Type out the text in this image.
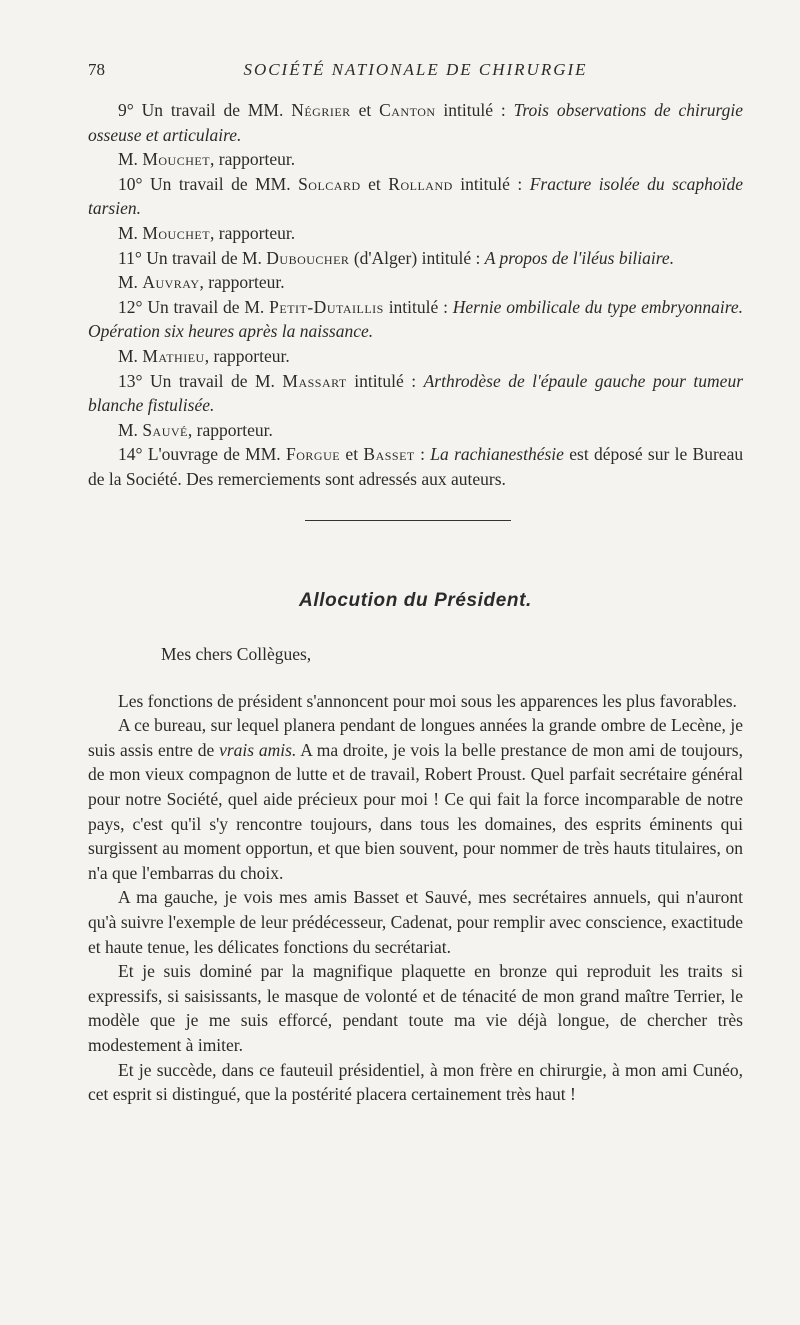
78	SOCIÉTÉ NATIONALE DE CHIRURGIE

9° Un travail de MM. Négrier et Canton intitulé : Trois observations de chirurgie osseuse et articulaire.

M. Mouchet, rapporteur.

10° Un travail de MM. Solcard et Rolland intitulé : Fracture isolée du scaphoïde tarsien.

M. Mouchet, rapporteur.

11° Un travail de M. Duboucher (d'Alger) intitulé : A propos de l'iléus biliaire.

M. Auvray, rapporteur.

12° Un travail de M. Petit-Dutaillis intitulé : Hernie ombilicale du type embryonnaire. Opération six heures après la naissance.

M. Mathieu, rapporteur.

13° Un travail de M. Massart intitulé : Arthrodèse de l'épaule gauche pour tumeur blanche fistulisée.

M. Sauvé, rapporteur.

14° L'ouvrage de MM. Forgue et Basset : La rachianesthésie est déposé sur le Bureau de la Société. Des remerciements sont adressés aux auteurs.

Allocution du Président.
Mes chers Collègues,

Les fonctions de président s'annoncent pour moi sous les apparences les plus favorables.

A ce bureau, sur lequel planera pendant de longues années la grande ombre de Lecène, je suis assis entre de vrais amis. A ma droite, je vois la belle prestance de mon ami de toujours, de mon vieux compagnon de lutte et de travail, Robert Proust. Quel parfait secrétaire général pour notre Société, quel aide précieux pour moi ! Ce qui fait la force incomparable de notre pays, c'est qu'il s'y rencontre toujours, dans tous les domaines, des esprits éminents qui surgissent au moment opportun, et que bien souvent, pour nommer de très hauts titulaires, on n'a que l'embarras du choix.

A ma gauche, je vois mes amis Basset et Sauvé, mes secrétaires annuels, qui n'auront qu'à suivre l'exemple de leur prédécesseur, Cadenat, pour remplir avec conscience, exactitude et haute tenue, les délicates fonctions du secrétariat.

Et je suis dominé par la magnifique plaquette en bronze qui reproduit les traits si expressifs, si saisissants, le masque de volonté et de ténacité de mon grand maître Terrier, le modèle que je me suis efforcé, pendant toute ma vie déjà longue, de chercher très modestement à imiter.

Et je succède, dans ce fauteuil présidentiel, à mon frère en chirurgie, à mon ami Cunéo, cet esprit si distingué, que la postérité placera certainement très haut !
